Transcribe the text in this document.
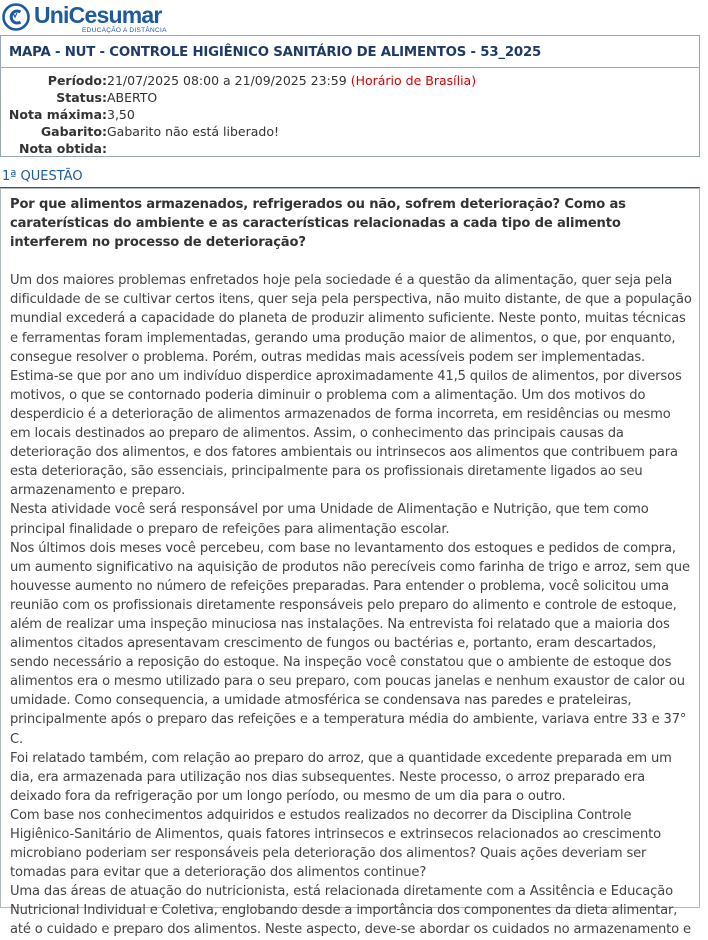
UniCesumar
EDUCAÇÃO A DISTÂNCIA
MAPA - NUT - CONTROLE HIGIÊNICO SANITÁRIO DE ALIMENTOS - 53_2025
Período: 21/07/2025 08:00 a 21/09/2025 23:59 (Horário de Brasília)
Status: ABERTO
Nota máxima: 3,50
Gabarito: Gabarito não está liberado!
Nota obtida:
1ª QUESTÃO

Por que alimentos armazenados, refrigerados ou não, sofrem deterioração? Como as caraterísticas do ambiente e as características relacionadas a cada tipo de alimento interferem no processo de deterioração?

Um dos maiores problemas enfretados hoje pela sociedade é a questão da alimentação, quer seja pela dificuldade de se cultivar certos itens, quer seja pela perspectiva, não muito distante, de que a população mundial excederá a capacidade do planeta de produzir alimento suficiente. Neste ponto, muitas técnicas e ferramentas foram implementadas, gerando uma produção maior de alimentos, o que, por enquanto, consegue resolver o problema. Porém, outras medidas mais acessíveis podem ser implementadas. Estima-se que por ano um indivíduo disperdice aproximadamente 41,5 quilos de alimentos, por diversos motivos, o que se contornado poderia diminuir o problema com a alimentação. Um dos motivos do desperdicio é a deterioração de alimentos armazenados de forma incorreta, em residências ou mesmo em locais destinados ao preparo de alimentos. Assim, o conhecimento das principais causas da deterioração dos alimentos, e dos fatores ambientais ou intrinsecos aos alimentos que contribuem para esta deterioração, são essenciais, principalmente para os profissionais diretamente ligados ao seu armazenamento e preparo.

Nesta atividade você será responsável por uma Unidade de Alimentação e Nutrição, que tem como principal finalidade o preparo de refeições para alimentação escolar.

Nos últimos dois meses você percebeu, com base no levantamento dos estoques e pedidos de compra, um aumento significativo na aquisição de produtos não perecíveis como farinha de trigo e arroz, sem que houvesse aumento no número de refeições preparadas. Para entender o problema, você solicitou uma reunião com os profissionais diretamente responsáveis pelo preparo do alimento e controle de estoque, além de realizar uma inspeção minuciosa nas instalações. Na entrevista foi relatado que a maioria dos alimentos citados apresentavam crescimento de fungos ou bactérias e, portanto, eram descartados, sendo necessário a reposição do estoque. Na inspeção você constatou que o ambiente de estoque dos alimentos era o mesmo utilizado para o seu preparo, com poucas janelas e nenhum exaustor de calor ou umidade. Como consequencia, a umidade atmosférica se condensava nas paredes e prateleiras, principalmente após o preparo das refeições e a temperatura média do ambiente, variava entre 33 e 37° C.

Foi relatado também, com relação ao preparo do arroz, que a quantidade excedente preparada em um dia, era armazenada para utilização nos dias subsequentes. Neste processo, o arroz preparado era deixado fora da refrigeração por um longo período, ou mesmo de um dia para o outro.

Com base nos conhecimentos adquiridos e estudos realizados no decorrer da Disciplina Controle Higiênico-Sanitário de Alimentos, quais fatores intrinsecos e extrinsecos relacionados ao crescimento microbiano poderiam ser responsáveis pela deterioração dos alimentos? Quais ações deveriam ser tomadas para evitar que a deterioração dos alimentos continue?

Uma das áreas de atuação do nutricionista, está relacionada diretamente com a Assitência e Educação Nutricional Individual e Coletiva, englobando desde a importância dos componentes da dieta alimentar, até o cuidado e preparo dos alimentos. Neste aspecto, deve-se abordar os cuidados no armazenamento e
